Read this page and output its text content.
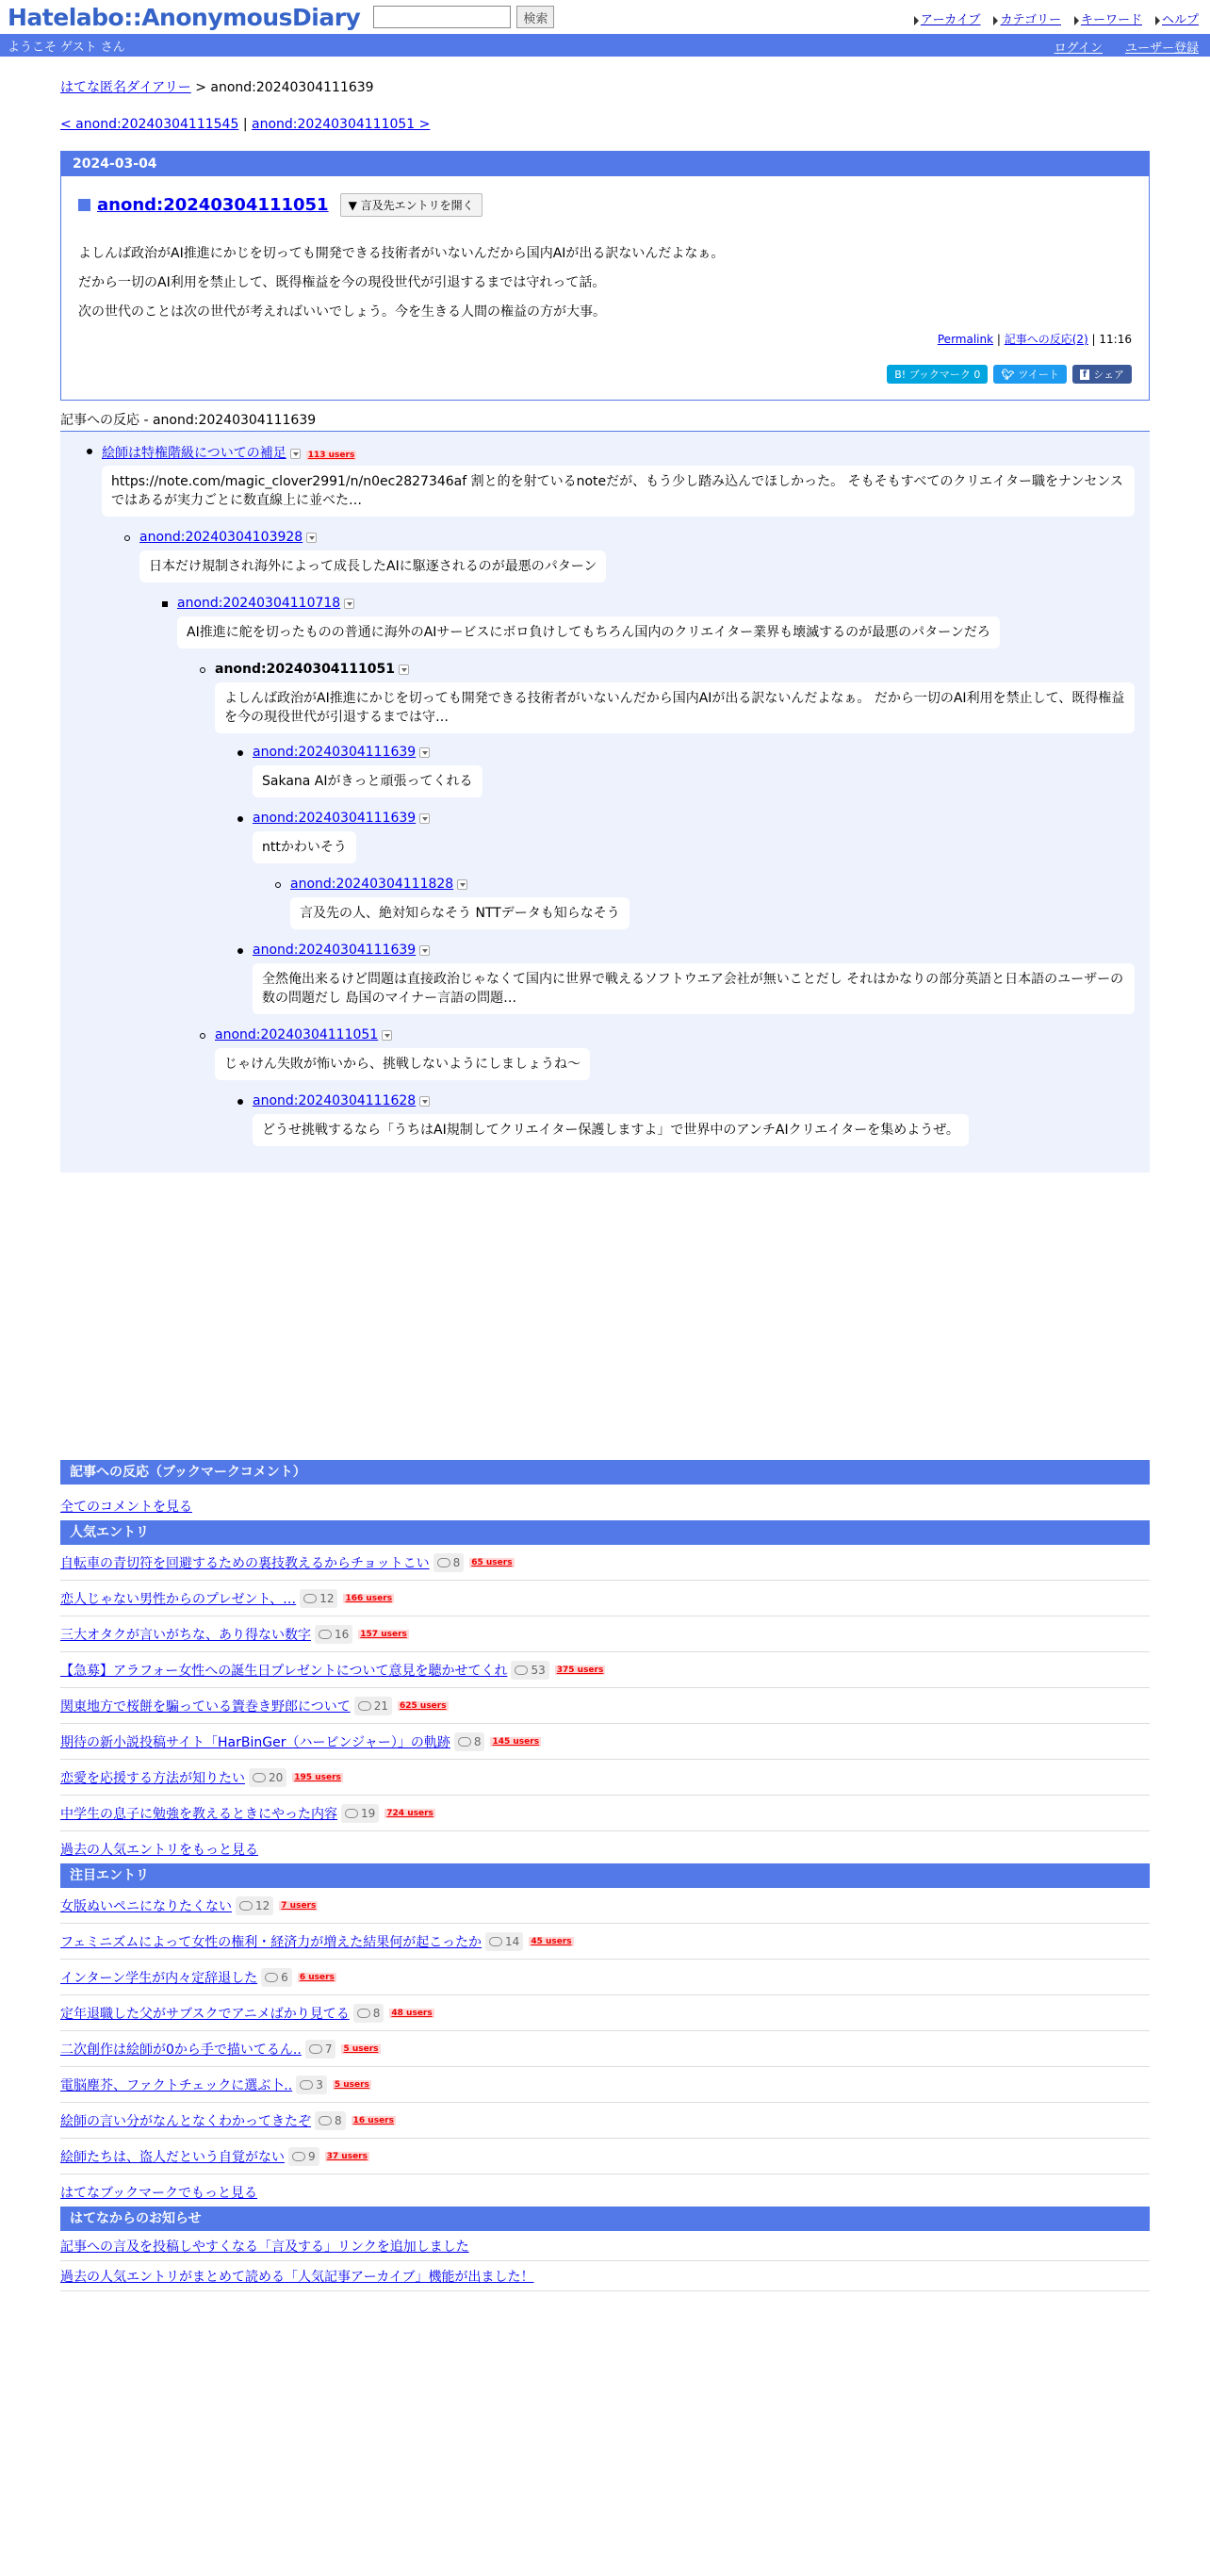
Hatelabo::AnonymousDiary	検索	アーカイブ	カテゴリー	キーワード	ヘルプ
ようこそ ゲスト さん	ログイン ユーザー登録
はてな匿名ダイアリー > anond:20240304111639
< anond:20240304111545 | anond:20240304111051 >
2024-03-04
anond:20240304111051	▼ 言及先エントリを開く
よしんば政治がAI推進にかじを切っても開発できる技術者がいないんだから国内AIが出る訳ないんだよなぁ。
だから一切のAI利用を禁止して、既得権益を今の現役世代が引退するまでは守れって話。
次の世代のことは次の世代が考えればいいでしょう。今を生きる人間の権益の方が大事。
Permalink | 記事への反応(2) | 11:16
B! ブックマーク 0	🐦︎ ツイート	f シェア
記事への反応 - anond:20240304111639
絵師は特権階級についての補足	113 users
https://note.com/magic_clover2991/n/n0ec2827346af 割と的を射ているnoteだが、もう少し踏み込んでほしかった。 そもそもすべてのクリエイター職をナンセンスではあるが実力ごとに数直線上に並べた…
anond:20240304103928
日本だけ規制され海外によって成長したAIに駆逐されるのが最悪のパターン
anond:20240304110718
AI推進に舵を切ったものの普通に海外のAIサービスにボロ負けしてもちろん国内のクリエイター業界も壊滅するのが最悪のパターンだろ
anond:20240304111051
よしんば政治がAI推進にかじを切っても開発できる技術者がいないんだから国内AIが出る訳ないんだよなぁ。 だから一切のAI利用を禁止して、既得権益を今の現役世代が引退するまでは守…
anond:20240304111639
Sakana AIがきっと頑張ってくれる
anond:20240304111639
nttかわいそう
anond:20240304111828
言及先の人、絶対知らなそう NTTデータも知らなそう
anond:20240304111639
全然俺出来るけど問題は直接政治じゃなくて国内に世界で戦えるソフトウエア会社が無いことだし それはかなりの部分英語と日本語のユーザーの数の問題だし 島国のマイナー言語の問題…
anond:20240304111051
じゃけん失敗が怖いから、挑戦しないようにしましょうね〜
anond:20240304111628
どうせ挑戦するなら「うちはAI規制してクリエイター保護しますよ」で世界中のアンチAIクリエイターを集めようぜ。
記事への反応（ブックマークコメント）
全てのコメントを見る
人気エントリ
自転車の青切符を回避するための裏技教えるからチョットこい 8 65 users
恋人じゃない男性からのプレゼント、… 12 166 users
三大オタクが言いがちな、あり得ない数字 16 157 users
【急募】アラフォー女性への誕生日プレゼントについて意見を聴かせてくれ 53 375 users
関東地方で桜餅を騙っている簀巻き野郎について 21 625 users
期待の新小説投稿サイト「HarBinGer（ハービンジャー）」の軌跡 8 145 users
恋愛を応援する方法が知りたい 20 195 users
中学生の息子に勉強を教えるときにやった内容 19 724 users
過去の人気エントリをもっと見る
注目エントリ
女版ぬいペニになりたくない 12 7 users
フェミニズムによって女性の権利・経済力が増えた結果何が起こったか 14 45 users
インターン学生が内々定辞退した 6 6 users
定年退職した父がサブスクでアニメばかり見てる 8 48 users
二次創作は絵師が0から手で描いてるん.. 7 5 users
電脳塵芥、ファクトチェックに選ぶ卜.. 3 5 users
絵師の言い分がなんとなくわかってきたぞ 8 16 users
絵師たちは、盗人だという自覚がない 9 37 users
はてなブックマークでもっと見る
はてなからのお知らせ
記事への言及を投稿しやすくなる「言及する」リンクを追加しました
過去の人気エントリがまとめて読める「人気記事アーカイブ」機能が出ました！
